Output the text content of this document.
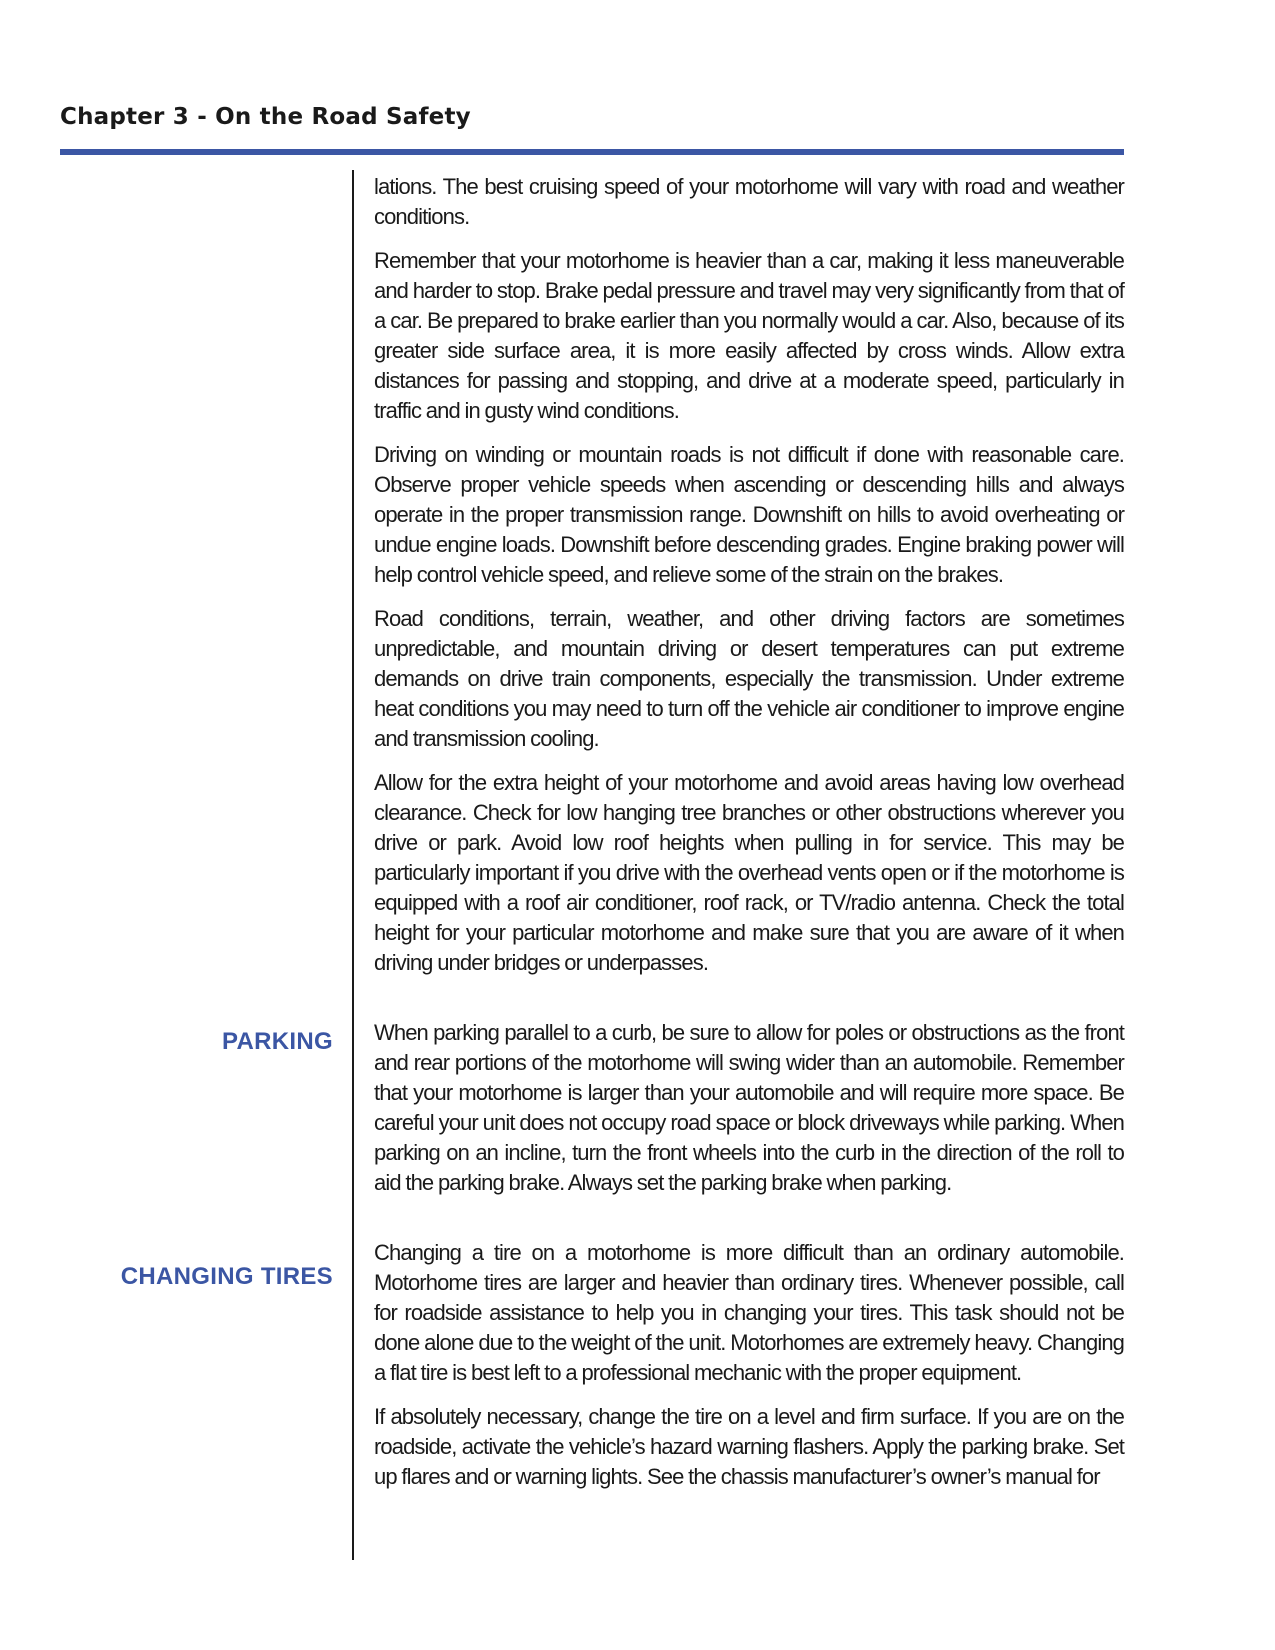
Chapter 3 - On the Road Safety
PARKING
CHANGING TIRES

lations. The best cruising speed of your motorhome will vary with road and weather conditions.

Remember that your motorhome is heavier than a car, making it less maneuverable and harder to stop. Brake pedal pressure and travel may very significantly from that of a car. Be prepared to brake earlier than you normally would a car. Also, because of its greater side surface area, it is more easily affected by cross winds. Allow extra distances for passing and stopping, and drive at a moderate speed, particularly in traffic and in gusty wind conditions.

Driving on winding or mountain roads is not difficult if done with reasonable care. Observe proper vehicle speeds when ascending or descending hills and always operate in the proper transmission range. Downshift on hills to avoid overheating or undue engine loads. Downshift before descending grades. Engine braking power will help control vehicle speed, and relieve some of the strain on the brakes.

Road conditions, terrain, weather, and other driving factors are sometimes unpredictable, and mountain driving or desert temperatures can put extreme demands on drive train components, especially the transmission. Under extreme heat conditions you may need to turn off the vehicle air conditioner to improve engine and transmission cooling.

Allow for the extra height of your motorhome and avoid areas having low overhead clearance. Check for low hanging tree branches or other obstructions wherever you drive or park. Avoid low roof heights when pulling in for service. This may be particularly important if you drive with the overhead vents open or if the motorhome is equipped with a roof air conditioner, roof rack, or TV/radio antenna. Check the total height for your particular motorhome and make sure that you are aware of it when driving under bridges or underpasses.

When parking parallel to a curb, be sure to allow for poles or obstructions as the front and rear portions of the motorhome will swing wider than an automobile. Remember that your motorhome is larger than your automobile and will require more space. Be careful your unit does not occupy road space or block driveways while parking. When parking on an incline, turn the front wheels into the curb in the direction of the roll to aid the parking brake. Always set the parking brake when parking.

Changing a tire on a motorhome is more difficult than an ordinary automobile. Motorhome tires are larger and heavier than ordinary tires. Whenever possible, call for roadside assistance to help you in changing your tires. This task should not be done alone due to the weight of the unit. Motorhomes are extremely heavy. Changing a flat tire is best left to a professional mechanic with the proper equipment.

If absolutely necessary, change the tire on a level and firm surface. If you are on the roadside, activate the vehicle’s hazard warning flashers. Apply the parking brake. Set up flares and or warning lights. See the chassis manufacturer’s owner’s manual for
